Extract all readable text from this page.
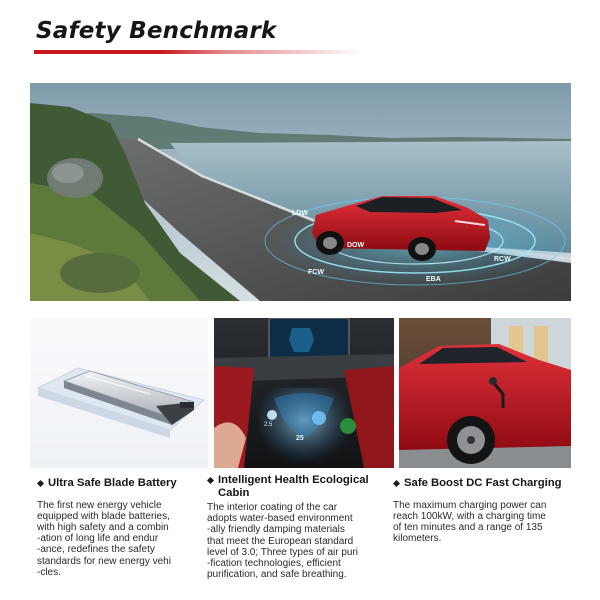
Safety Benchmark
LDW
DOW
FCW
EBA
RCW
2.5
25
Ultra Safe Blade Battery
The first new energy vehicle
equipped with blade batteries,
with high safety and a combin
-ation of long life and endur
-ance, redefines the safety
standards for new energy vehi
-cles.
Intelligent Health Ecological
Cabin
The interior coating of the car
adopts water-based environment
-ally friendly damping materials
that meet the European standard
level of 3.0; Three types of air puri
-fication technologies, efficient
purification, and safe breathing.
Safe Boost DC Fast Charging
The maximum charging power can
reach 100kW, with a charging time
of ten minutes and a range of 135
kilometers.
